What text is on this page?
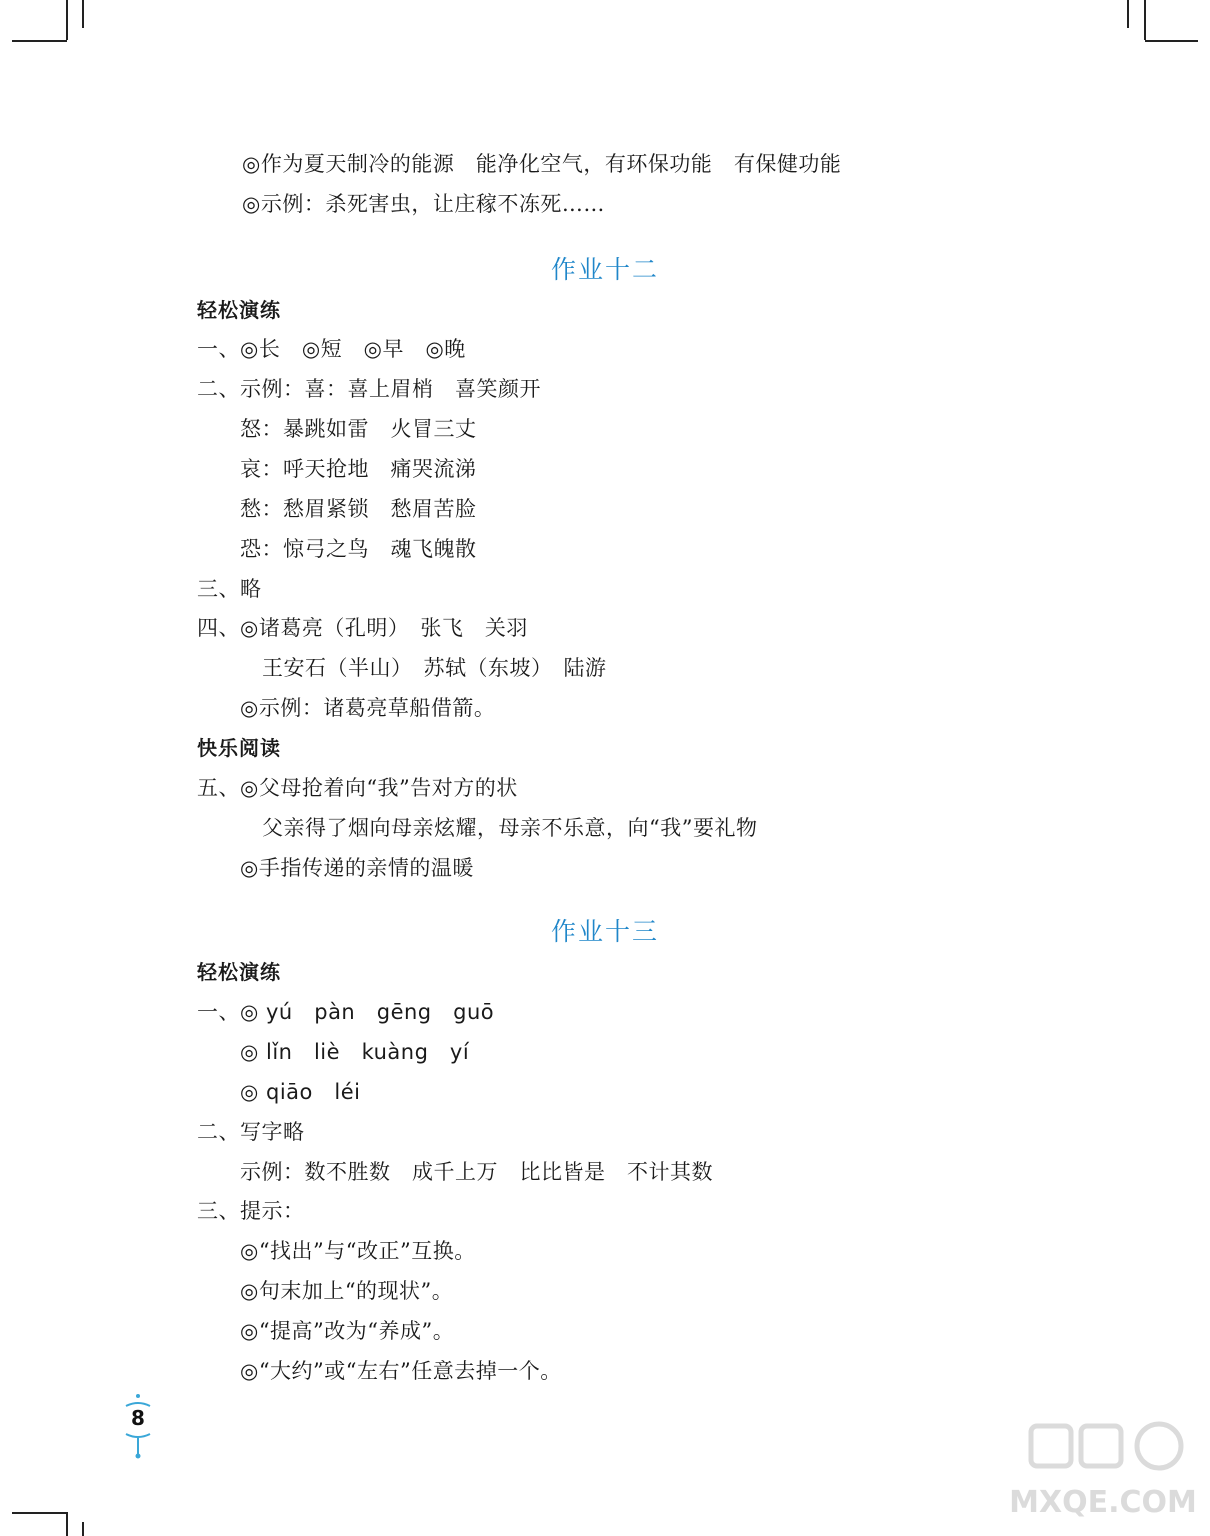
◎作为夏天制冷的能源　能净化空气，有环保功能　有保健功能
◎示例：杀死害虫，让庄稼不冻死……
作业十二
轻松演练
一、◎长　◎短　◎早　◎晚
二、示例：喜：喜上眉梢　喜笑颜开
怒：暴跳如雷　火冒三丈
哀：呼天抢地　痛哭流涕
愁：愁眉紧锁　愁眉苦脸
恐：惊弓之鸟　魂飞魄散
三、略
四、◎诸葛亮（孔明）　张飞　关羽
王安石（半山）　苏轼（东坡）　陆游
◎示例：诸葛亮草船借箭。
快乐阅读
五、◎父母抢着向“我”告对方的状
父亲得了烟向母亲炫耀，母亲不乐意，向“我”要礼物
◎手指传递的亲情的温暖
作业十三
轻松演练
一、◎ yú　pàn　gēng　guō
◎ lǐn　liè　kuàng　yí
◎ qiāo　léi
二、写字略
示例：数不胜数　成千上万　比比皆是　不计其数
三、提示：
◎“找出”与“改正”互换。
◎句末加上“的现状”。
◎“提高”改为“养成”。
◎“大约”或“左右”任意去掉一个。
8
MXQE.COM
